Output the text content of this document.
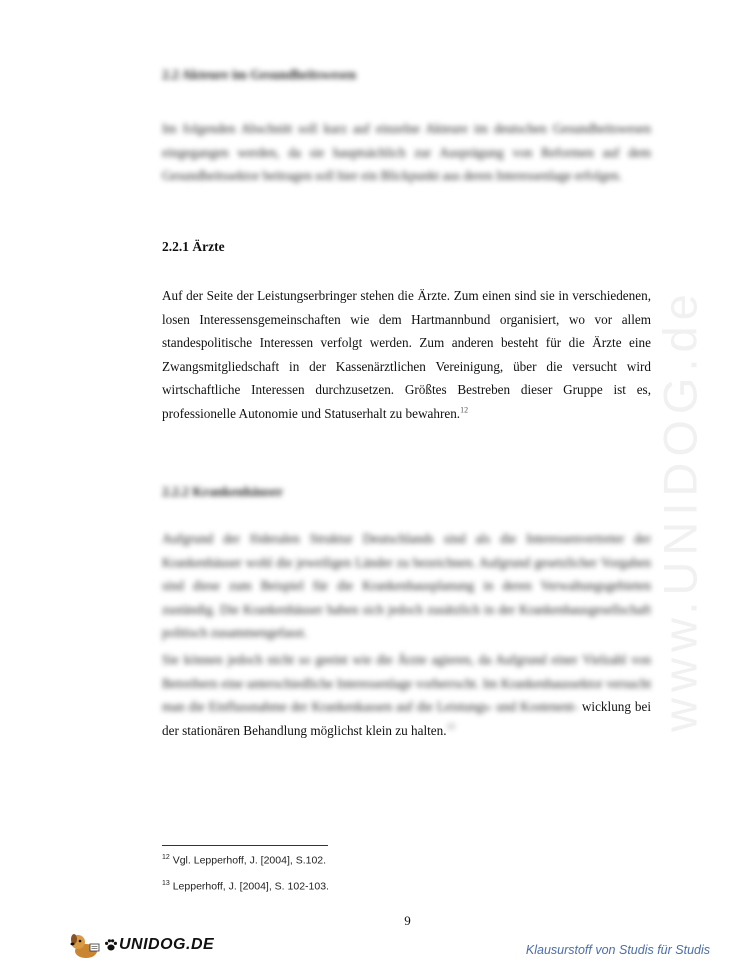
www.UNIDOG.de
2.2 Akteure im Gesundheitswesen

Im folgenden Abschnitt soll kurz auf einzelne Akteure im deutschen Gesundheitswesen eingegangen werden, da sie hauptsächlich zur Ausprägung von Reformen auf dem Gesundheitssektor beitragen soll hier ein Blickpunkt aus deren Interessenlage erfolgen.

2.2.1 Ärzte

Auf der Seite der Leistungserbringer stehen die Ärzte. Zum einen sind sie in verschiedenen, losen Interessensgemeinschaften wie dem Hartmannbund organisiert, wo vor allem standespolitische Interessen verfolgt werden. Zum anderen besteht für die Ärzte eine Zwangsmitgliedschaft in der Kassenärztlichen Vereinigung, über die versucht wird wirtschaftliche Interessen durchzusetzen. Größtes Bestreben dieser Gruppe ist es, professionelle Autonomie und Statuserhalt zu bewahren.$^{12}$

2.2.2 Krankenhäuser

Aufgrund der föderalen Struktur Deutschlands sind als die Interessenvertreter der Krankenhäuser wohl die jeweiligen Länder zu bezeichnen. Aufgrund gesetzlicher Vorgaben sind diese zum Beispiel für die Krankenhausplanung in deren Verwaltungsgebieten zuständig. Die Krankenhäuser haben sich jedoch zusätzlich in der Krankenhausgesellschaft politisch zusammengefasst.

Sie können jedoch nicht so geeint wie die Ärzte agieren, da Aufgrund einer Vielzahl von Betreibern eine unterschiedliche Interessenlage vorherrscht. Im Krankenhaussektor versucht man die Einflussnahme der Krankenkassen auf die Leistungs- und Kostenent- wicklung bei der stationären Behandlung möglichst klein zu halten.$^{13}$

$^{12}$ Vgl. Lepperhoff, J. [2004], S.102.
$^{13}$ Lepperhoff, J. [2004], S. 102-103.
9
UNIDOG.DE	Klausurstoff von Studis für Studis
